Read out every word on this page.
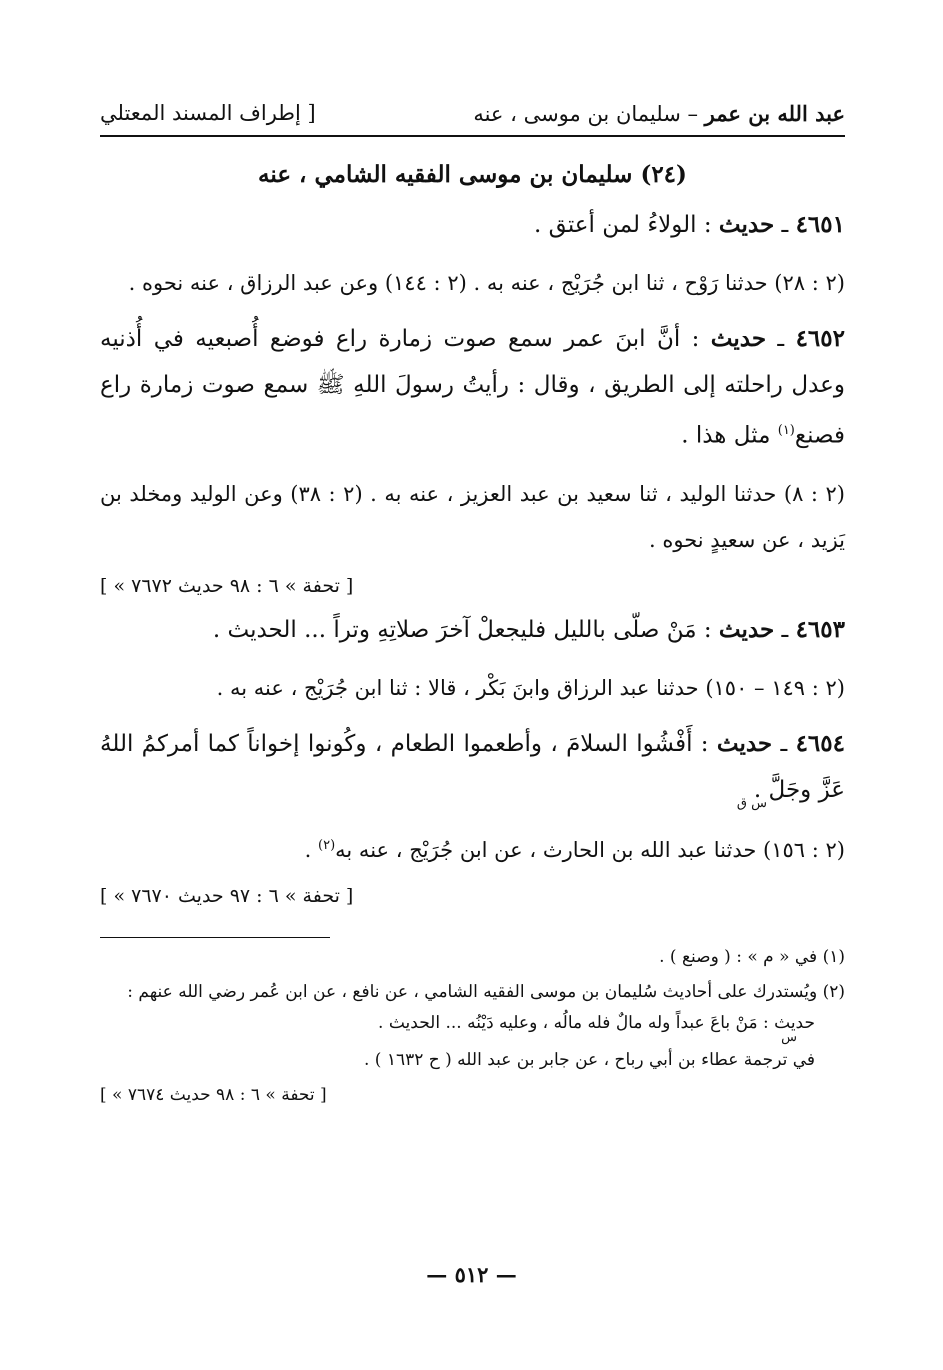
عبد الله بن عمر – سليمان بن موسى ، عنه
[ إطراف المسند المعتلي
(٢٤) سليمان بن موسى الفقيه الشامي ، عنه
٤٦٥١ ـ حديث : الولاءُ لمن أعتق .
(٢ : ٢٨) حدثنا رَوْح ، ثنا ابن جُرَيْج ، عنه به . (٢ : ١٤٤) وعن عبد الرزاق ، عنه نحوه .
٤٦٥٢ ـ حديث : أنَّ ابنَ عمر سمع صوت زمارة راع فوضع أُصبعيه في أُذنيه وعدل راحلته إلى الطريق ، وقال : رأيتُ رسولَ اللهِ ﷺ سمع صوت زمارة راع فصنع$^{(١)}$ مثل هذا .
(٢ : ٨) حدثنا الوليد ، ثنا سعيد بن عبد العزيز ، عنه به . (٢ : ٣٨) وعن الوليد ومخلد بن يَزيد ، عن سعيدٍ نحوه .
[ « تحفة » ٦ : ٩٨ حديث ٧٦٧٢ ]
٤٦٥٣ ـ حديث : مَنْ صلّى بالليل فليجعلْ آخرَ صلاتِهِ وتراً ... الحديث .
(٢ : ١٤٩ – ١٥٠) حدثنا عبد الرزاق وابنَ بَكْر ، قالا : ثنا ابن جُرَيْج ، عنه به .
٤٦٥٤ ـ حديث : أَفْشُوا السلامَ ، وأطعموا الطعام ، وكُونوا إخواناً كما أمركمُ اللهُ عَزَّ وجَلَّ .
س ق
(٢ : ١٥٦) حدثنا عبد الله بن الحارث ، عن ابن جُرَيْج ، عنه به$^{(٢)}$ .
[ « تحفة » ٦ : ٩٧ حديث ٧٦٧٠ ]
(١) في « م » : ( وصنع ) .
(٢) ويُستدرك على أحاديث سُليمان بن موسى الفقيه الشامي ، عن نافع ، عن ابن عُمر رضي الله عنهم :
حديث : مَنْ باعَ عبداً وله مالٌ فله مالُه ، وعليه دَيْنُه ... الحديث .
س
في ترجمة عطاء بن أبي رباح ، عن جابر بن عبد الله ( ح ١٦٣٢ ) .
[ « تحفة » ٦ : ٩٨ حديث ٧٦٧٤ ]
— ٥١٢ —
